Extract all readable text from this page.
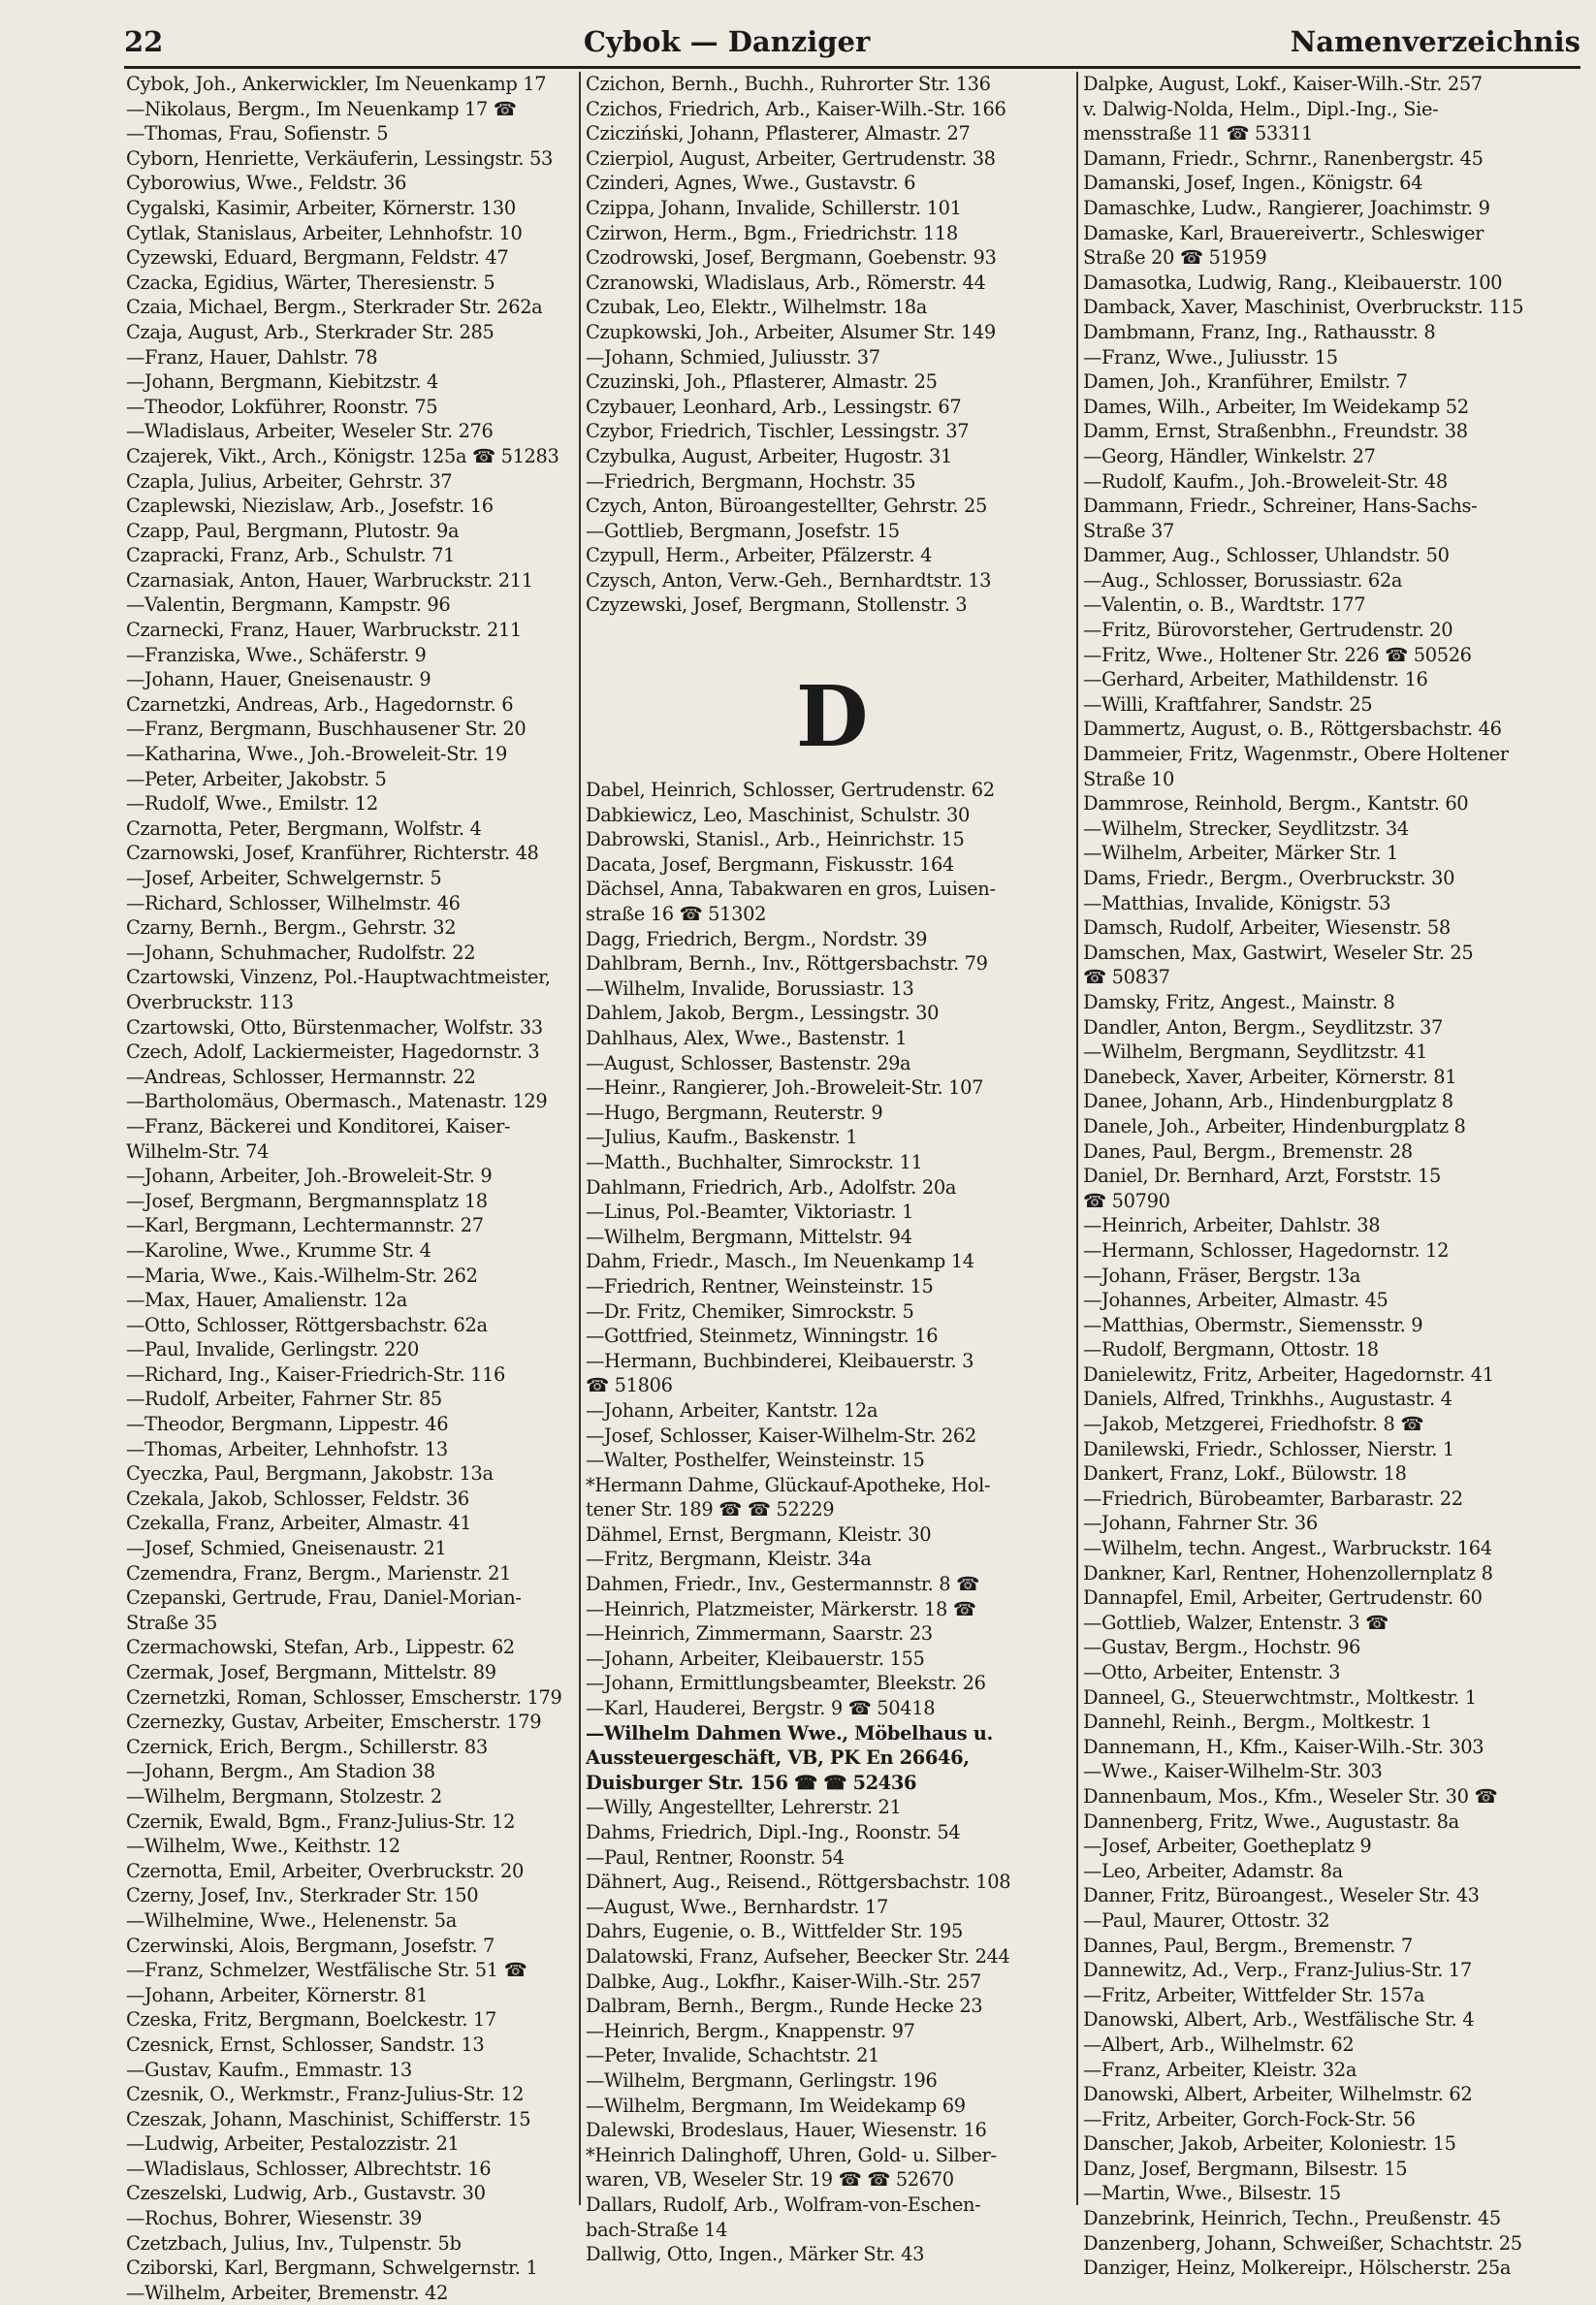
22	Cybok — Danziger	Namenverzeichnis
Cybok, Joh., Ankerwickler, Im Neuenkamp 17
—Nikolaus, Bergm., Im Neuenkamp 17 ☎
—Thomas, Frau, Sofienstr. 5
Cyborn, Henriette, Verkäuferin, Lessingstr. 53
Cyborowius, Wwe., Feldstr. 36
Cygalski, Kasimir, Arbeiter, Körnerstr. 130
Cytlak, Stanislaus, Arbeiter, Lehnhofstr. 10
Cyzewski, Eduard, Bergmann, Feldstr. 47
Czacka, Egidius, Wärter, Theresienstr. 5
Czaia, Michael, Bergm., Sterkrader Str. 262a
Czaja, August, Arb., Sterkrader Str. 285
—Franz, Hauer, Dahlstr. 78
—Johann, Bergmann, Kiebitzstr. 4
—Theodor, Lokführer, Roonstr. 75
—Wladislaus, Arbeiter, Weseler Str. 276
Czajerek, Vikt., Arch., Königstr. 125a ☎ 51283
Czapla, Julius, Arbeiter, Gehrstr. 37
Czaplewski, Niezislaw, Arb., Josefstr. 16
Czapp, Paul, Bergmann, Plutostr. 9a
Czapracki, Franz, Arb., Schulstr. 71
Czarnasiak, Anton, Hauer, Warbruckstr. 211
—Valentin, Bergmann, Kampstr. 96
Czarnecki, Franz, Hauer, Warbruckstr. 211
—Franziska, Wwe., Schäferstr. 9
—Johann, Hauer, Gneisenaustr. 9
Czarnetzki, Andreas, Arb., Hagedornstr. 6
—Franz, Bergmann, Buschhausener Str. 20
—Katharina, Wwe., Joh.-Broweleit-Str. 19
—Peter, Arbeiter, Jakobstr. 5
—Rudolf, Wwe., Emilstr. 12
Czarnotta, Peter, Bergmann, Wolfstr. 4
Czarnowski, Josef, Kranführer, Richterstr. 48
—Josef, Arbeiter, Schwelgernstr. 5
—Richard, Schlosser, Wilhelmstr. 46
Czarny, Bernh., Bergm., Gehrstr. 32
—Johann, Schuhmacher, Rudolfstr. 22
Czartowski, Vinzenz, Pol.-Hauptwachtmeister,
Overbruckstr. 113
Czartowski, Otto, Bürstenmacher, Wolfstr. 33
Czech, Adolf, Lackiermeister, Hagedornstr. 3
—Andreas, Schlosser, Hermannstr. 22
—Bartholomäus, Obermasch., Matenastr. 129
—Franz, Bäckerei und Konditorei, Kaiser-
Wilhelm-Str. 74
—Johann, Arbeiter, Joh.-Broweleit-Str. 9
—Josef, Bergmann, Bergmannsplatz 18
—Karl, Bergmann, Lechtermannstr. 27
—Karoline, Wwe., Krumme Str. 4
—Maria, Wwe., Kais.-Wilhelm-Str. 262
—Max, Hauer, Amalienstr. 12a
—Otto, Schlosser, Röttgersbachstr. 62a
—Paul, Invalide, Gerlingstr. 220
—Richard, Ing., Kaiser-Friedrich-Str. 116
—Rudolf, Arbeiter, Fahrner Str. 85
—Theodor, Bergmann, Lippestr. 46
—Thomas, Arbeiter, Lehnhofstr. 13
Cyeczka, Paul, Bergmann, Jakobstr. 13a
Czekala, Jakob, Schlosser, Feldstr. 36
Czekalla, Franz, Arbeiter, Almastr. 41
—Josef, Schmied, Gneisenaustr. 21
Czemendra, Franz, Bergm., Marienstr. 21
Czepanski, Gertrude, Frau, Daniel-Morian-
Straße 35
Czermachowski, Stefan, Arb., Lippestr. 62
Czermak, Josef, Bergmann, Mittelstr. 89
Czernetzki, Roman, Schlosser, Emscherstr. 179
Czernezky, Gustav, Arbeiter, Emscherstr. 179
Czernick, Erich, Bergm., Schillerstr. 83
—Johann, Bergm., Am Stadion 38
—Wilhelm, Bergmann, Stolzestr. 2
Czernik, Ewald, Bgm., Franz-Julius-Str. 12
—Wilhelm, Wwe., Keithstr. 12
Czernotta, Emil, Arbeiter, Overbruckstr. 20
Czerny, Josef, Inv., Sterkrader Str. 150
—Wilhelmine, Wwe., Helenenstr. 5a
Czerwinski, Alois, Bergmann, Josefstr. 7
—Franz, Schmelzer, Westfälische Str. 51 ☎
—Johann, Arbeiter, Körnerstr. 81
Czeska, Fritz, Bergmann, Boelckestr. 17
Czesnick, Ernst, Schlosser, Sandstr. 13
—Gustav, Kaufm., Emmastr. 13
Czesnik, O., Werkmstr., Franz-Julius-Str. 12
Czeszak, Johann, Maschinist, Schifferstr. 15
—Ludwig, Arbeiter, Pestalozzistr. 21
—Wladislaus, Schlosser, Albrechtstr. 16
Czeszelski, Ludwig, Arb., Gustavstr. 30
—Rochus, Bohrer, Wiesenstr. 39
Czetzbach, Julius, Inv., Tulpenstr. 5b
Cziborski, Karl, Bergmann, Schwelgernstr. 1
—Wilhelm, Arbeiter, Bremenstr. 42
Czichon, Bernh., Buchh., Ruhrorter Str. 136
Czichos, Friedrich, Arb., Kaiser-Wilh.-Str. 166
Czicziński, Johann, Pflasterer, Almastr. 27
Czierpiol, August, Arbeiter, Gertrudenstr. 38
Czinderi, Agnes, Wwe., Gustavstr. 6
Czippa, Johann, Invalide, Schillerstr. 101
Czirwon, Herm., Bgm., Friedrichstr. 118
Czodrowski, Josef, Bergmann, Goebenstr. 93
Czranowski, Wladislaus, Arb., Römerstr. 44
Czubak, Leo, Elektr., Wilhelmstr. 18a
Czupkowski, Joh., Arbeiter, Alsumer Str. 149
—Johann, Schmied, Juliusstr. 37
Czuzinski, Joh., Pflasterer, Almastr. 25
Czybauer, Leonhard, Arb., Lessingstr. 67
Czybor, Friedrich, Tischler, Lessingstr. 37
Czybulka, August, Arbeiter, Hugostr. 31
—Friedrich, Bergmann, Hochstr. 35
Czych, Anton, Büroangestellter, Gehrstr. 25
—Gottlieb, Bergmann, Josefstr. 15
Czypull, Herm., Arbeiter, Pfälzerstr. 4
Czysch, Anton, Verw.-Geh., Bernhardtstr. 13
Czyzewski, Josef, Bergmann, Stollenstr. 3
D
Dabel, Heinrich, Schlosser, Gertrudenstr. 62
Dabkiewicz, Leo, Maschinist, Schulstr. 30
Dabrowski, Stanisl., Arb., Heinrichstr. 15
Dacata, Josef, Bergmann, Fiskusstr. 164
Dächsel, Anna, Tabakwaren en gros, Luisen-
straße 16 ☎ 51302
Dagg, Friedrich, Bergm., Nordstr. 39
Dahlbram, Bernh., Inv., Röttgersbachstr. 79
—Wilhelm, Invalide, Borussiastr. 13
Dahlem, Jakob, Bergm., Lessingstr. 30
Dahlhaus, Alex, Wwe., Bastenstr. 1
—August, Schlosser, Bastenstr. 29a
—Heinr., Rangierer, Joh.-Broweleit-Str. 107
—Hugo, Bergmann, Reuterstr. 9
—Julius, Kaufm., Baskenstr. 1
—Matth., Buchhalter, Simrockstr. 11
Dahlmann, Friedrich, Arb., Adolfstr. 20a
—Linus, Pol.-Beamter, Viktoriastr. 1
—Wilhelm, Bergmann, Mittelstr. 94
Dahm, Friedr., Masch., Im Neuenkamp 14
—Friedrich, Rentner, Weinsteinstr. 15
—Dr. Fritz, Chemiker, Simrockstr. 5
—Gottfried, Steinmetz, Winningstr. 16
—Hermann, Buchbinderei, Kleibauerstr. 3
☎ 51806
—Johann, Arbeiter, Kantstr. 12a
—Josef, Schlosser, Kaiser-Wilhelm-Str. 262
—Walter, Posthelfer, Weinsteinstr. 15
*Hermann Dahme, Glückauf-Apotheke, Hol-
tener Str. 189 ☎ ☎ 52229
Dähmel, Ernst, Bergmann, Kleistr. 30
—Fritz, Bergmann, Kleistr. 34a
Dahmen, Friedr., Inv., Gestermannstr. 8 ☎
—Heinrich, Platzmeister, Märkerstr. 18 ☎
—Heinrich, Zimmermann, Saarstr. 23
—Johann, Arbeiter, Kleibauerstr. 155
—Johann, Ermittlungsbeamter, Bleekstr. 26
—Karl, Hauderei, Bergstr. 9 ☎ 50418
—Wilhelm Dahmen Wwe., Möbelhaus u.
Aussteuergeschäft, VB, PK En 26646,
Duisburger Str. 156 ☎ ☎ 52436
—Willy, Angestellter, Lehrerstr. 21
Dahms, Friedrich, Dipl.-Ing., Roonstr. 54
—Paul, Rentner, Roonstr. 54
Dähnert, Aug., Reisend., Röttgersbachstr. 108
—August, Wwe., Bernhardstr. 17
Dahrs, Eugenie, o. B., Wittfelder Str. 195
Dalatowski, Franz, Aufseher, Beecker Str. 244
Dalbke, Aug., Lokfhr., Kaiser-Wilh.-Str. 257
Dalbram, Bernh., Bergm., Runde Hecke 23
—Heinrich, Bergm., Knappenstr. 97
—Peter, Invalide, Schachtstr. 21
—Wilhelm, Bergmann, Gerlingstr. 196
—Wilhelm, Bergmann, Im Weidekamp 69
Dalewski, Brodeslaus, Hauer, Wiesenstr. 16
*Heinrich Dalinghoff, Uhren, Gold- u. Silber-
waren, VB, Weseler Str. 19 ☎ ☎ 52670
Dallars, Rudolf, Arb., Wolfram-von-Eschen-
bach-Straße 14
Dallwig, Otto, Ingen., Märker Str. 43
Dalpke, August, Lokf., Kaiser-Wilh.-Str. 257
v. Dalwig-Nolda, Helm., Dipl.-Ing., Sie-
mensstraße 11 ☎ 53311
Damann, Friedr., Schrnr., Ranenbergstr. 45
Damanski, Josef, Ingen., Königstr. 64
Damaschke, Ludw., Rangierer, Joachimstr. 9
Damaske, Karl, Brauereivertr., Schleswiger
Straße 20 ☎ 51959
Damasotka, Ludwig, Rang., Kleibauerstr. 100
Damback, Xaver, Maschinist, Overbruckstr. 115
Dambmann, Franz, Ing., Rathausstr. 8
—Franz, Wwe., Juliusstr. 15
Damen, Joh., Kranführer, Emilstr. 7
Dames, Wilh., Arbeiter, Im Weidekamp 52
Damm, Ernst, Straßenbhn., Freundstr. 38
—Georg, Händler, Winkelstr. 27
—Rudolf, Kaufm., Joh.-Broweleit-Str. 48
Dammann, Friedr., Schreiner, Hans-Sachs-
Straße 37
Dammer, Aug., Schlosser, Uhlandstr. 50
—Aug., Schlosser, Borussiastr. 62a
—Valentin, o. B., Wardtstr. 177
—Fritz, Bürovorsteher, Gertrudenstr. 20
—Fritz, Wwe., Holtener Str. 226 ☎ 50526
—Gerhard, Arbeiter, Mathildenstr. 16
—Willi, Kraftfahrer, Sandstr. 25
Dammertz, August, o. B., Röttgersbachstr. 46
Dammeier, Fritz, Wagenmstr., Obere Holtener
Straße 10
Dammrose, Reinhold, Bergm., Kantstr. 60
—Wilhelm, Strecker, Seydlitzstr. 34
—Wilhelm, Arbeiter, Märker Str. 1
Dams, Friedr., Bergm., Overbruckstr. 30
—Matthias, Invalide, Königstr. 53
Damsch, Rudolf, Arbeiter, Wiesenstr. 58
Damschen, Max, Gastwirt, Weseler Str. 25
☎ 50837
Damsky, Fritz, Angest., Mainstr. 8
Dandler, Anton, Bergm., Seydlitzstr. 37
—Wilhelm, Bergmann, Seydlitzstr. 41
Danebeck, Xaver, Arbeiter, Körnerstr. 81
Danee, Johann, Arb., Hindenburgplatz 8
Danele, Joh., Arbeiter, Hindenburgplatz 8
Danes, Paul, Bergm., Bremenstr. 28
Daniel, Dr. Bernhard, Arzt, Forststr. 15
☎ 50790
—Heinrich, Arbeiter, Dahlstr. 38
—Hermann, Schlosser, Hagedornstr. 12
—Johann, Fräser, Bergstr. 13a
—Johannes, Arbeiter, Almastr. 45
—Matthias, Obermstr., Siemensstr. 9
—Rudolf, Bergmann, Ottostr. 18
Danielewitz, Fritz, Arbeiter, Hagedornstr. 41
Daniels, Alfred, Trinkhhs., Augustastr. 4
—Jakob, Metzgerei, Friedhofstr. 8 ☎
Danilewski, Friedr., Schlosser, Nierstr. 1
Dankert, Franz, Lokf., Bülowstr. 18
—Friedrich, Bürobeamter, Barbarastr. 22
—Johann, Fahrner Str. 36
—Wilhelm, techn. Angest., Warbruckstr. 164
Dankner, Karl, Rentner, Hohenzollernplatz 8
Dannapfel, Emil, Arbeiter, Gertrudenstr. 60
—Gottlieb, Walzer, Entenstr. 3 ☎
—Gustav, Bergm., Hochstr. 96
—Otto, Arbeiter, Entenstr. 3
Danneel, G., Steuerwchtmstr., Moltkestr. 1
Dannehl, Reinh., Bergm., Moltkestr. 1
Dannemann, H., Kfm., Kaiser-Wilh.-Str. 303
—Wwe., Kaiser-Wilhelm-Str. 303
Dannenbaum, Mos., Kfm., Weseler Str. 30 ☎
Dannenberg, Fritz, Wwe., Augustastr. 8a
—Josef, Arbeiter, Goetheplatz 9
—Leo, Arbeiter, Adamstr. 8a
Danner, Fritz, Büroangest., Weseler Str. 43
—Paul, Maurer, Ottostr. 32
Dannes, Paul, Bergm., Bremenstr. 7
Dannewitz, Ad., Verp., Franz-Julius-Str. 17
—Fritz, Arbeiter, Wittfelder Str. 157a
Danowski, Albert, Arb., Westfälische Str. 4
—Albert, Arb., Wilhelmstr. 62
—Franz, Arbeiter, Kleistr. 32a
Danowski, Albert, Arbeiter, Wilhelmstr. 62
—Fritz, Arbeiter, Gorch-Fock-Str. 56
Danscher, Jakob, Arbeiter, Koloniestr. 15
Danz, Josef, Bergmann, Bilsestr. 15
—Martin, Wwe., Bilsestr. 15
Danzebrink, Heinrich, Techn., Preußenstr. 45
Danzenberg, Johann, Schweißer, Schachtstr. 25
Danziger, Heinz, Molkereipr., Hölscherstr. 25a
